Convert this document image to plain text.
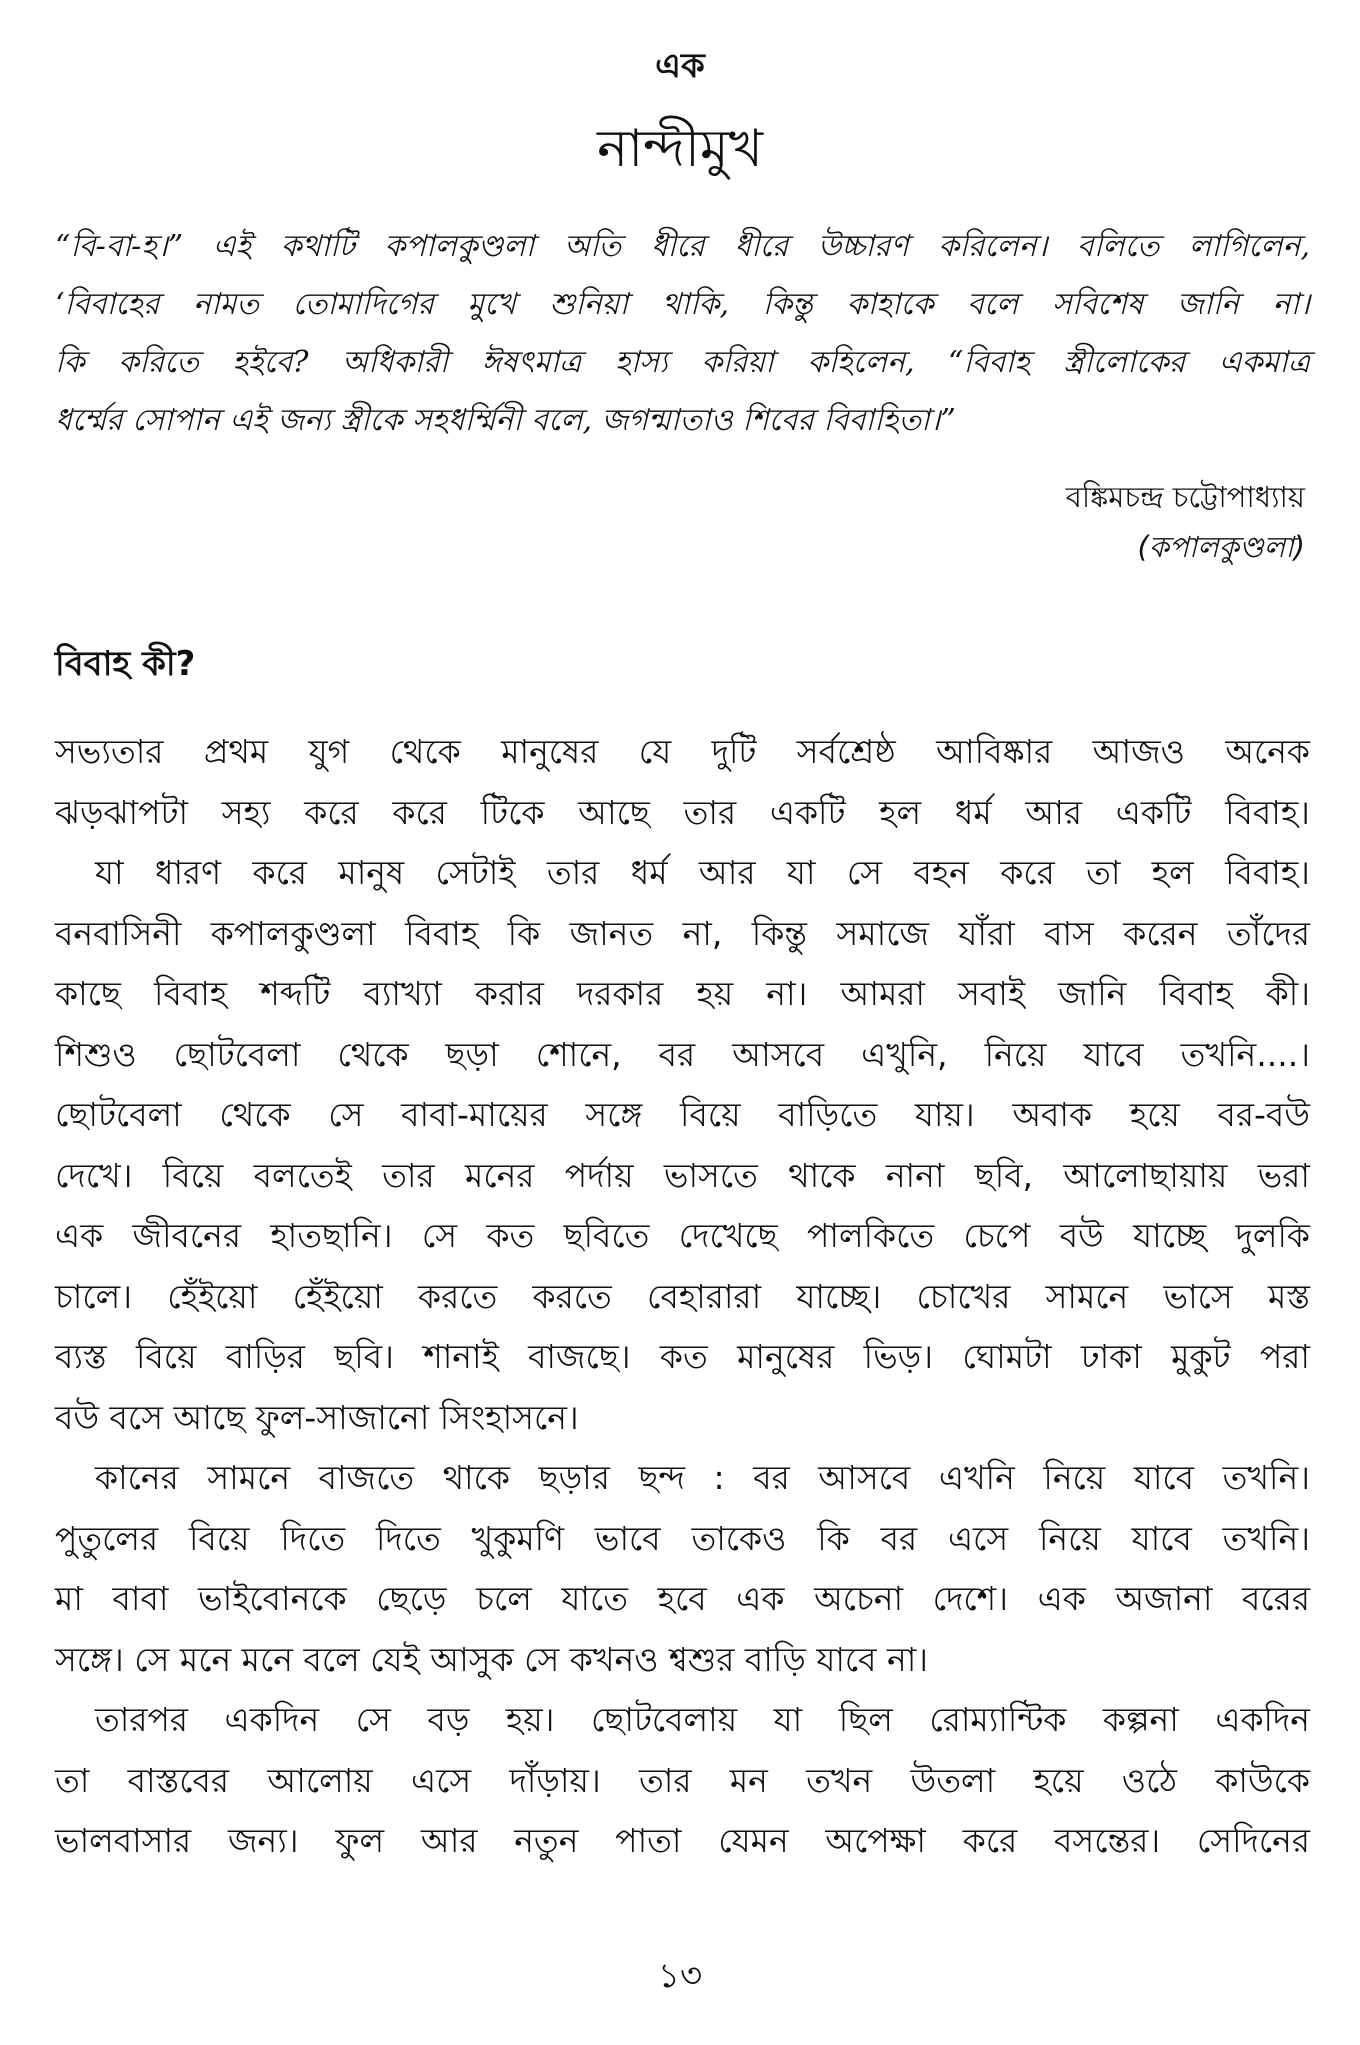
এক
নান্দীমুখ
“বি-বা-হ।” এই কথাটি কপালকুণ্ডলা অতি ধীরে ধীরে উচ্চারণ করিলেন। বলিতে লাগিলেন,
‘বিবাহের নামত তোমাদিগের মুখে শুনিয়া থাকি, কিন্তু কাহাকে বলে সবিশেষ জানি না।
কি করিতে হইবে? অধিকারী ঈষৎমাত্র হাস্য করিয়া কহিলেন, “বিবাহ স্ত্রীলোকের একমাত্র
ধর্ম্মের সোপান এই জন্য স্ত্রীকে সহধর্ম্মিনী বলে, জগন্মাতাও শিবের বিবাহিতা।”
বঙ্কিমচন্দ্র চট্টোপাধ্যায়
(কপালকুণ্ডলা)
বিবাহ কী?
সভ্যতার প্রথম যুগ থেকে মানুষের যে দুটি সর্বশ্রেষ্ঠ আবিষ্কার আজও অনেক
ঝড়ঝাপটা সহ্য করে করে টিকে আছে তার একটি হল ধর্ম আর একটি বিবাহ।
যা ধারণ করে মানুষ সেটাই তার ধর্ম আর যা সে বহন করে তা হল বিবাহ।
বনবাসিনী কপালকুণ্ডলা বিবাহ কি জানত না, কিন্তু সমাজে যাঁরা বাস করেন তাঁদের
কাছে বিবাহ শব্দটি ব্যাখ্যা করার দরকার হয় না। আমরা সবাই জানি বিবাহ কী।
শিশুও ছোটবেলা থেকে ছড়া শোনে, বর আসবে এখুনি, নিয়ে যাবে তখনি....।
ছোটবেলা থেকে সে বাবা-মায়ের সঙ্গে বিয়ে বাড়িতে যায়। অবাক হয়ে বর-বউ
দেখে। বিয়ে বলতেই তার মনের পর্দায় ভাসতে থাকে নানা ছবি, আলোছায়ায় ভরা
এক জীবনের হাতছানি। সে কত ছবিতে দেখেছে পালকিতে চেপে বউ যাচ্ছে দুলকি
চালে। হেঁইয়ো হেঁইয়ো করতে করতে বেহারারা যাচ্ছে। চোখের সামনে ভাসে মস্ত
ব্যস্ত বিয়ে বাড়ির ছবি। শানাই বাজছে। কত মানুষের ভিড়। ঘোমটা ঢাকা মুকুট পরা
বউ বসে আছে ফুল-সাজানো সিংহাসনে।
কানের সামনে বাজতে থাকে ছড়ার ছন্দ : বর আসবে এখনি নিয়ে যাবে তখনি।
পুতুলের বিয়ে দিতে দিতে খুকুমণি ভাবে তাকেও কি বর এসে নিয়ে যাবে তখনি।
মা বাবা ভাইবোনকে ছেড়ে চলে যাতে হবে এক অচেনা দেশে। এক অজানা বরের
সঙ্গে। সে মনে মনে বলে যেই আসুক সে কখনও শ্বশুর বাড়ি যাবে না।
তারপর একদিন সে বড় হয়। ছোটবেলায় যা ছিল রোম্যান্টিক কল্পনা একদিন
তা বাস্তবের আলোয় এসে দাঁড়ায়। তার মন তখন উতলা হয়ে ওঠে কাউকে
ভালবাসার জন্য। ফুল আর নতুন পাতা যেমন অপেক্ষা করে বসন্তের। সেদিনের
১৩
